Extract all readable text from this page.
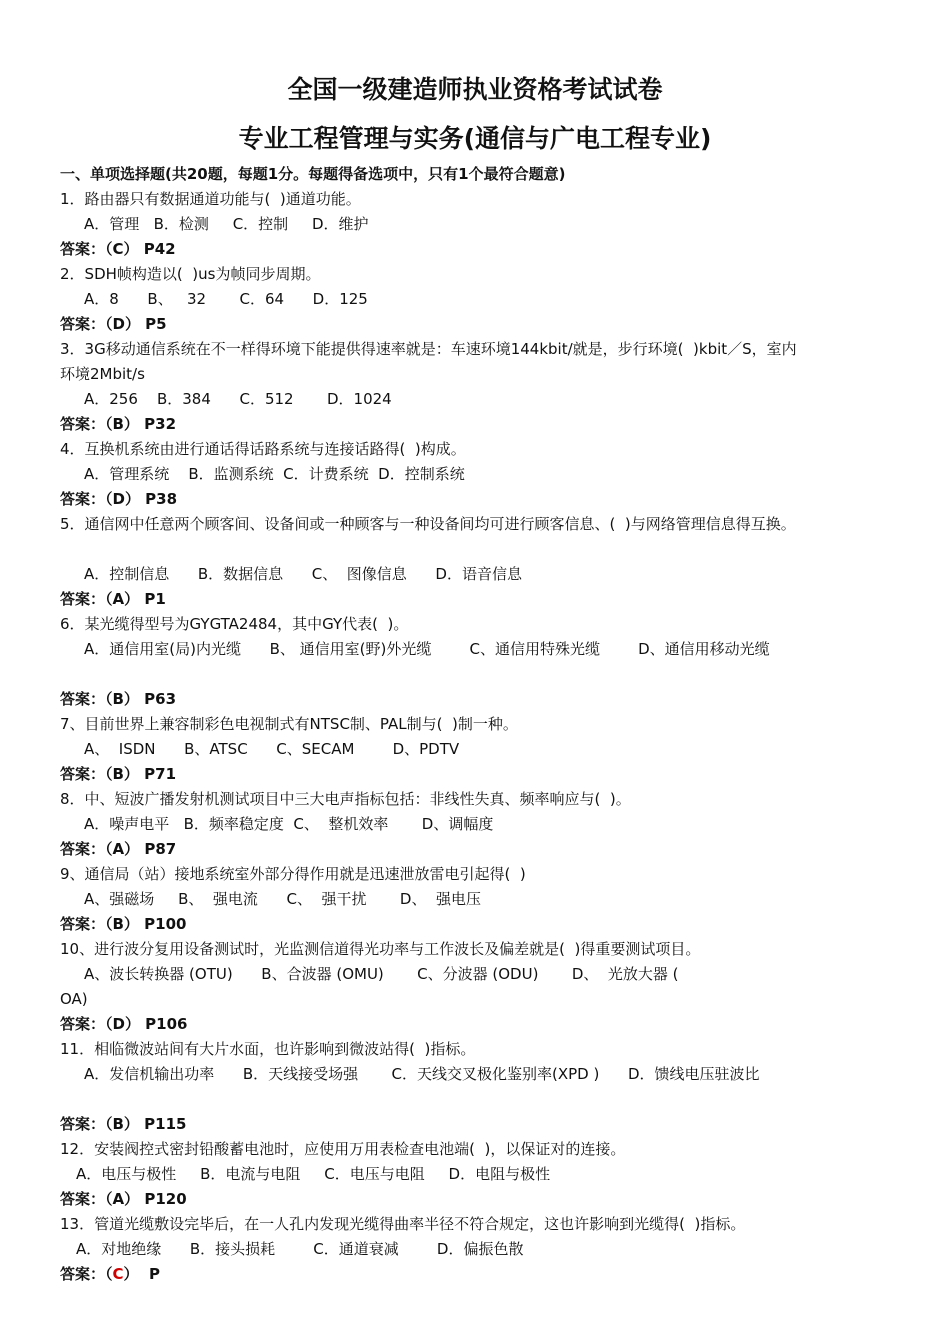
全国一级建造师执业资格考试试卷
专业工程管理与实务(通信与广电工程专业)
一、单项选择题(共20题，每题1分。每题得备选项中，只有1个最符合题意)
1．路由器只有数据通道功能与(  )通道功能。
A．管理   B．检测     C．控制     D．维护
答案：（C） P42
2．SDH帧构造以(  )us为帧同步周期。
A．8      B、   32       C．64      D．125
答案：（D） P5
3．3G移动通信系统在不一样得环境下能提供得速率就是：车速环境144kbit/就是，步行环境(  )kbit／S，室内
环境2Mbit/s
A．256    B．384      C．512       D．1024
答案：（B） P32
4．互换机系统由进行通话得话路系统与连接话路得(  )构成。
A．管理系统    B．监测系统  C．计费系统  D．控制系统
答案：（D） P38
5．通信网中任意两个顾客间、设备间或一种顾客与一种设备间均可进行顾客信息、(  )与网络管理信息得互换。
A．控制信息      B．数据信息      C、  图像信息      D．语音信息
答案：（A） P1
6．某光缆得型号为GYGTA2484，其中GY代表(  )。
A．通信用室(局)内光缆      B、 通信用室(野)外光缆        C、通信用特殊光缆        D、通信用移动光缆
答案：（B） P63
7、目前世界上兼容制彩色电视制式有NTSC制、PAL制与(  )制一种。
A、  ISDN      B、ATSC      C、SECAM        D、PDTV
答案：（B） P71
8．中、短波广播发射机测试项目中三大电声指标包括：非线性失真、频率响应与(  )。
A．噪声电平   B．频率稳定度  C、  整机效率       D、调幅度
答案：（A） P87
9、通信局（站）接地系统室外部分得作用就是迅速泄放雷电引起得(  )
A、强磁场     B、  强电流      C、  强干扰       D、  强电压
答案：（B） P100
10、进行波分复用设备测试时，光监测信道得光功率与工作波长及偏差就是(  )得重要测试项目。
A、波长转换器 (OTU)      B、合波器 (OMU)       C、分波器 (ODU)       D、  光放大器 (
OA)
答案：（D） P106
11．相临微波站间有大片水面，也许影响到微波站得(  )指标。
A．发信机输出功率      B．天线接受场强       C．天线交叉极化鉴别率(XPD )      D．馈线电压驻波比
答案：（B） P115
12．安装阀控式密封铅酸蓄电池时，应使用万用表检查电池端(  )，以保证对的连接。
A．电压与极性     B．电流与电阻     C．电压与电阻     D．电阻与极性
答案：（A） P120
13．管道光缆敷设完毕后，在一人孔内发现光缆得曲率半径不符合规定，这也许影响到光缆得(  )指标。
A．对地绝缘      B．接头损耗        C．通道衰减        D．偏振色散
答案：（C）  P
